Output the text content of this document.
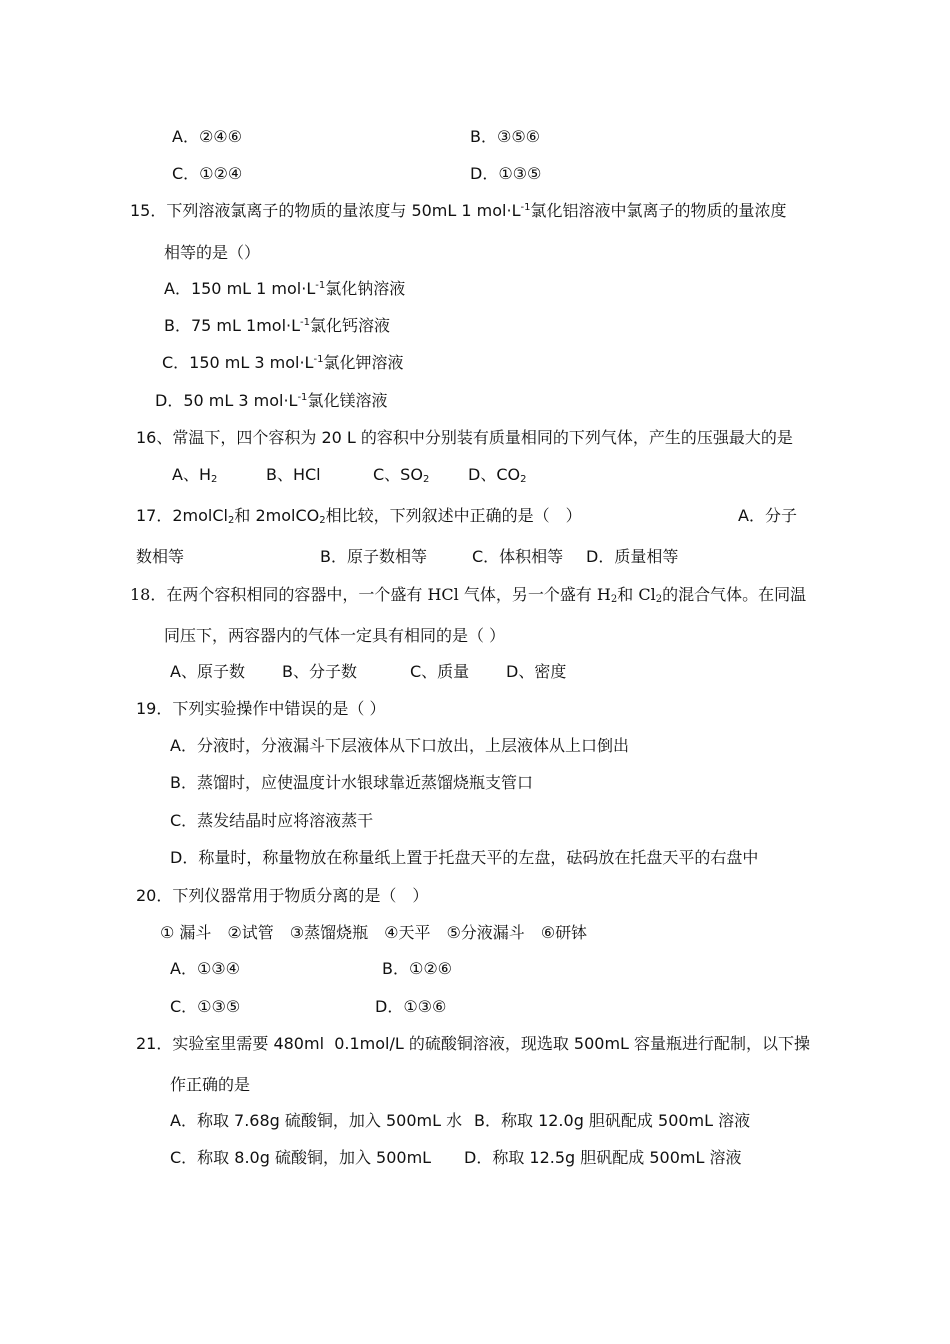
A．②④⑥	B．③⑤⑥
C．①②④	D．①③⑤
15．下列溶液氯离子的物质的量浓度与 50mL 1 $mol\cdot L^{-1}$氯化铝溶液中氯离子的物质的量浓度
相等的是（）
A．150 mL 1 $mol\cdot L^{-1}$氯化钠溶液
B．75 mL $1mol\cdot L^{-1}$氯化钙溶液
C．150 mL 3 $mol\cdot L^{-1}$氯化钾溶液
D．50 mL 3 $mol\cdot L^{-1}$氯化镁溶液
16、常温下，四个容积为 20 L 的容积中分别装有质量相同的下列气体，产生的压强最大的是
A、$H_2$	B、HCl	C、$SO_2$ D、$CO_2$
17．2molCl$_2$和 2molCO$_2$相比较，下列叙述中正确的是（　）	A．分子
数相等	B．原子数相等	C．体积相等 D．质量相等
18．在两个容积相同的容器中，一个盛有 HCl 气体，另一个盛有 $H_2$和 $Cl_2$的混合气体。在同温
同压下，两容器内的气体一定具有相同的是（ ）
A、原子数 B、分子数	C、质量 D、密度
19．下列实验操作中错误的是（ ）
A．分液时，分液漏斗下层液体从下口放出，上层液体从上口倒出
B．蒸馏时，应使温度计水银球靠近蒸馏烧瓶支管口
C．蒸发结晶时应将溶液蒸干
D．称量时，称量物放在称量纸上置于托盘天平的左盘，砝码放在托盘天平的右盘中
20．下列仪器常用于物质分离的是（　）
① 漏斗　②试管　③蒸馏烧瓶　④天平　⑤分液漏斗　⑥研钵
A．①③④	B．①②⑥
C．①③⑤	D．①③⑥
21．实验室里需要 480ml  0.1mol/L 的硫酸铜溶液，现选取 500mL 容量瓶进行配制，以下操
作正确的是
A．称取 7.68g 硫酸铜，加入 500mL 水 B．称取 12.0g 胆矾配成 500mL 溶液
C．称取 8.0g 硫酸铜，加入 500mL D．称取 12.5g 胆矾配成 500mL 溶液
